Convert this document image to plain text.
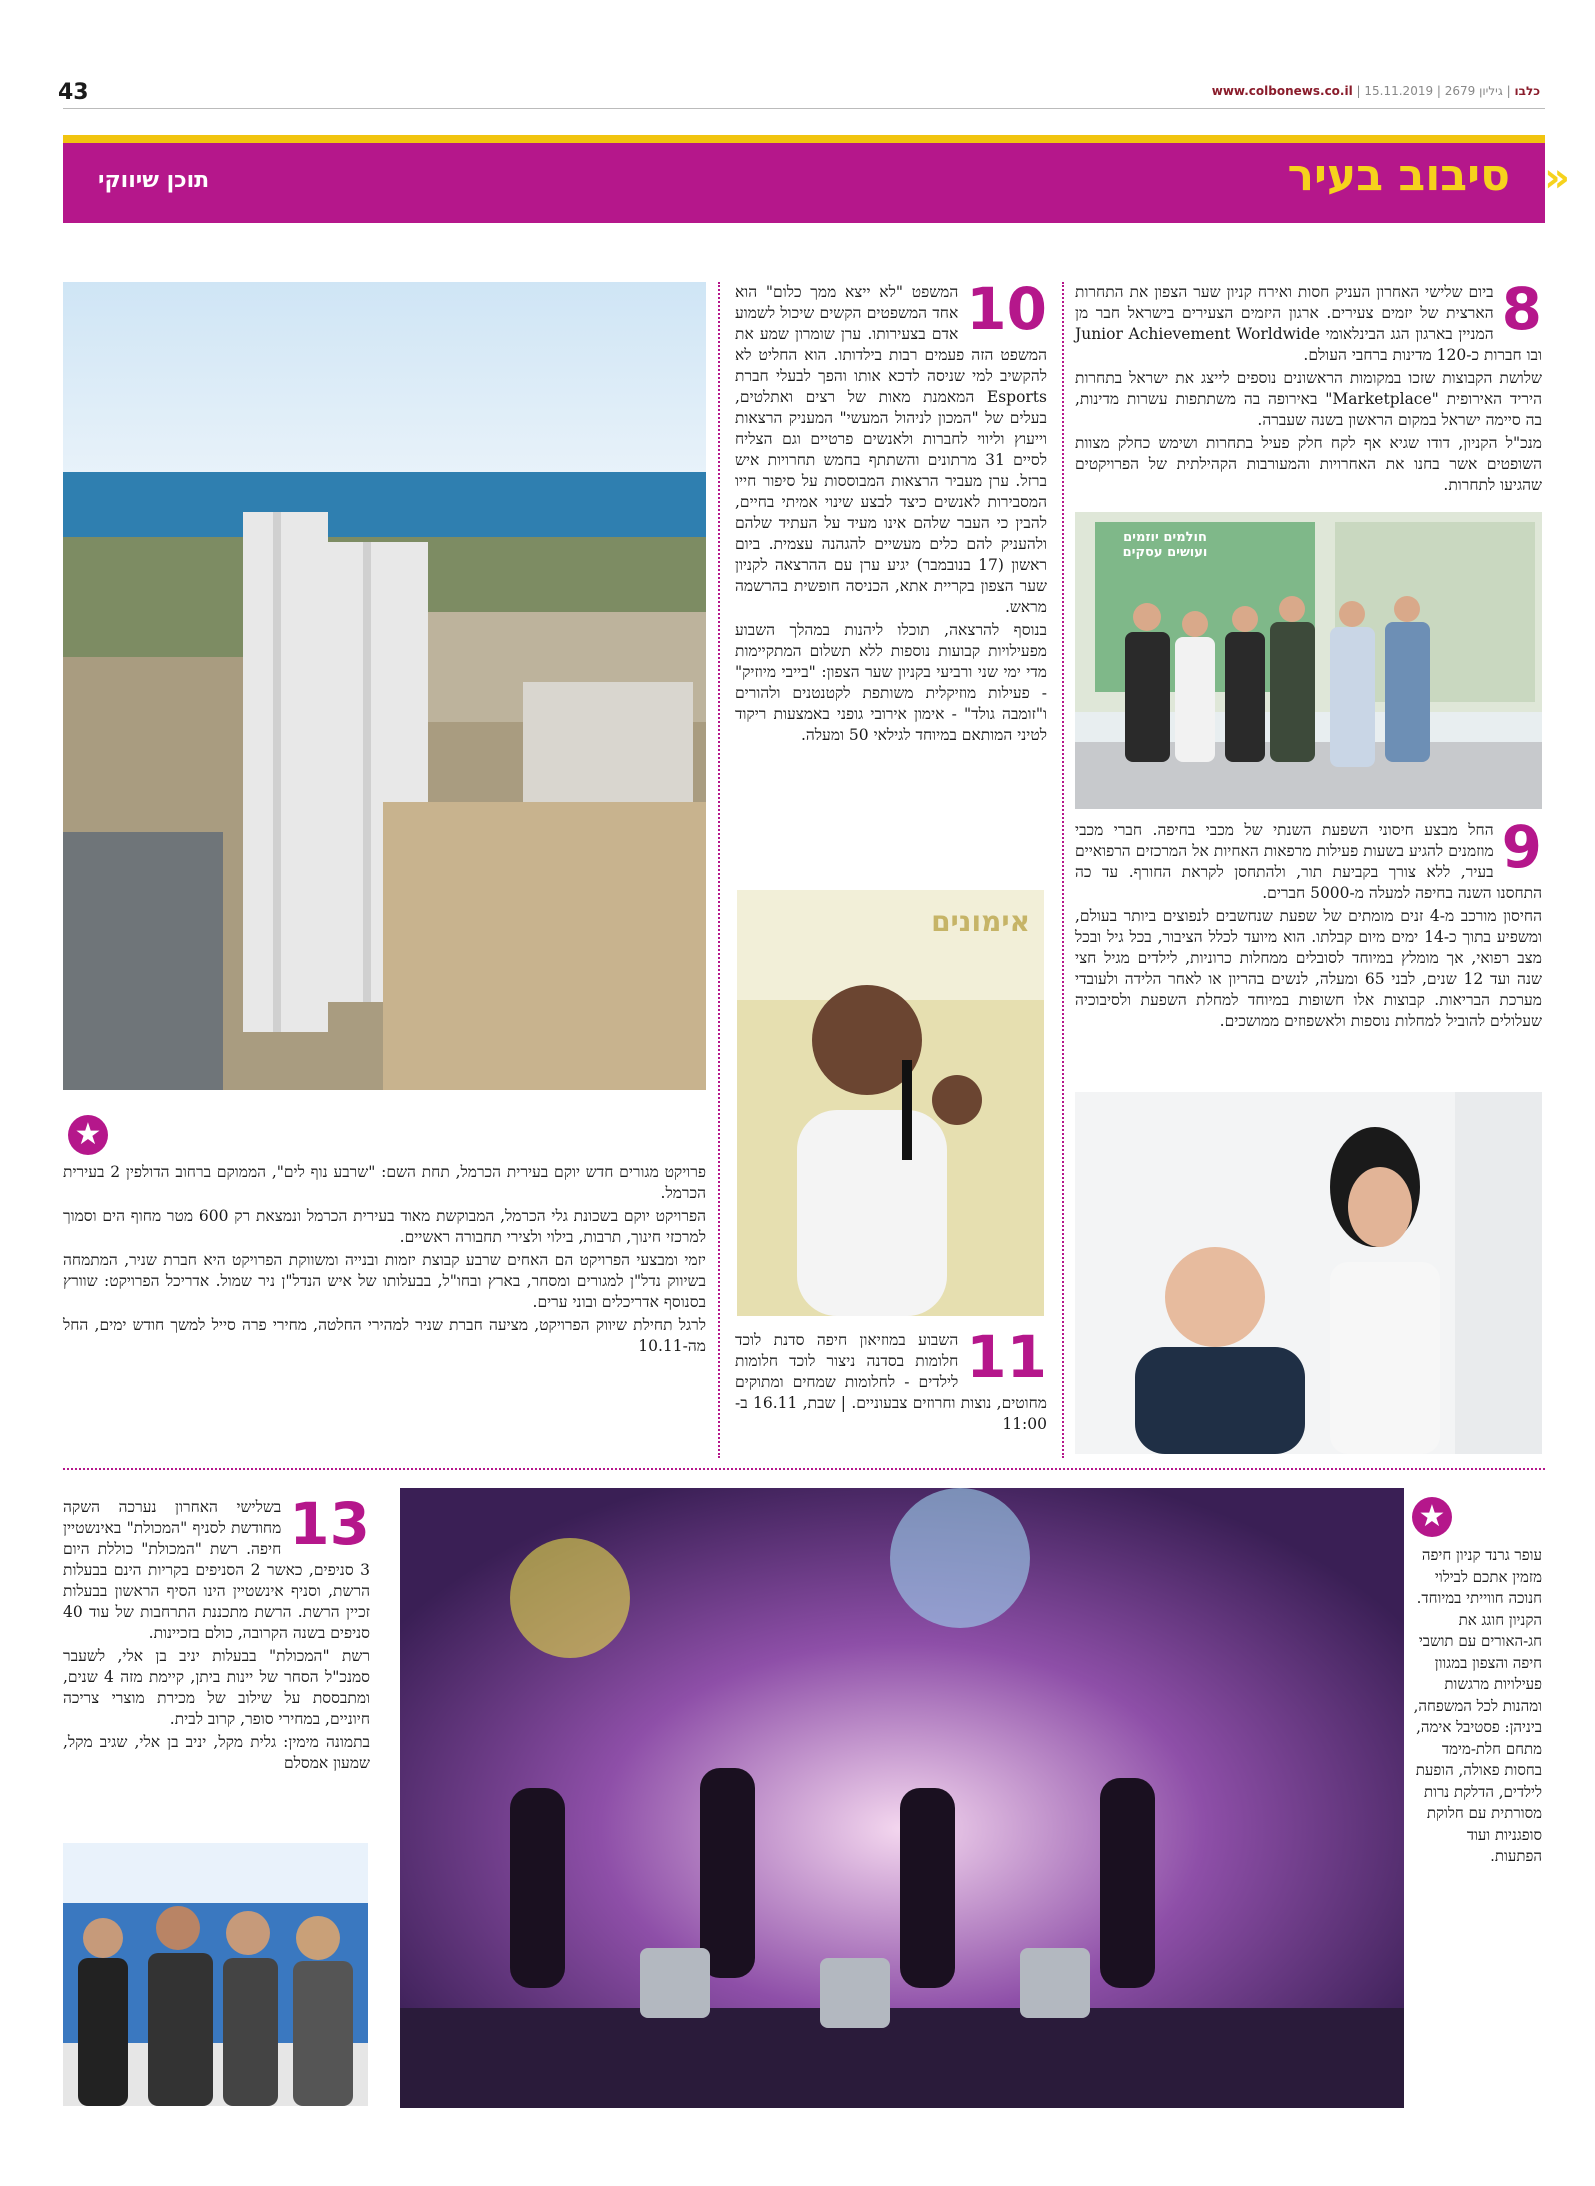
43	www.colbonews.co.il |	כלבו | גיליון 2679 | 15.11.2019
סיבוב בעיר »
תוכן שיווקי
8

ביום שלישי האחרון העניק חסות ואירח קניון שער הצפון את התחרות הארצית של יזמים צעירים. ארגון היזמים הצעירים בישראל חבר מן המניין בארגון הגג הבינלאומי Junior Achievement Worldwide ובו חברות כ-120 מדינות ברחבי העולם.

שלושת הקבוצות שזכו במקומות הראשונים נוספים לייצג את ישראל בתחרות היריד האירופית "Marketplace" באירופה בה משתתפות עשרות מדינות, בה סיימה ישראל במקום הראשון בשנה שעברה.

מנכ"ל הקניון, דודו שגיא אף לקח חלק פעיל בתחרות ושימש כחלק מצוות השופטים אשר בחנו את האחרויות והמעורבות הקהילתית של הפרויקטים שהגיעו לתחרות.

חולמים יוזמים ועושים עסקים
9

החל מבצע חיסוני השפעת השנתי של מכבי בחיפה. חברי מכבי מוזמנים להגיע בשעות פעילות מרפאות האחיות אל המרכזים הרפואיים בעיר, ללא צורך בקביעת תור, ולהתחסן לקראת החורף. עד כה התחסנו השנה בחיפה למעלה מ-5000 חברים.

החיסון מורכב מ-4 זנים מומתים של שפעת שנחשבים לנפוצים ביותר בעולם, ומשפיע בתוך כ-14 ימים מיום קבלתו. הוא מיועד לכלל הציבור, בכל גיל ובכל מצב רפואי, אך מומלץ במיוחד לסובלים ממחלות כרוניות, לילדים מגיל חצי שנה ועד 12 שנים, לבני 65 ומעלה, לנשים בהריון או לאחר הלידה ולעובדי מערכת הבריאות. קבוצות אלו חשופות במיוחד למחלת השפעת ולסיבוכיה שעלולים להוביל למחלות נוספות ולאשפוזים ממושכים.

10

המשפט "לא ייצא ממך כלום" הוא אחד המשפטים הקשים שיכול לשמוע אדם בצעירותו. ערן שומרון שמע את המשפט הזה פעמים רבות בילדותו. הוא החליט לא להקשיב למי שניסה לדכא אותו והפך לבעלי חברת Esports המאמנת מאות של רצים ואתלטים, בעלים של "המכון לניהול המעשי" המעניק הרצאות וייעוץ וליווי לחברות ולאנשים פרטיים וגם הצליח לסיים 31 מרתונים והשתתף בחמש תחרויות איש ברזל. ערן מעביר הרצאות המבוססות על סיפור חייו המסבירות לאנשים כיצד לבצע שינוי אמיתי בחיים, להבין כי העבר שלהם אינו מעיד על העתיד שלהם ולהעניק להם כלים מעשיים להגהנה עצמית. ביום ראשון (17 בנובמבר) יגיע ערן עם ההרצאה לקניון שער הצפון בקריית אתא, הכניסה חופשית בהרשמה מראש.

בנוסף להרצאה, תוכלו ליהנות במהלך השבוע מפעילויות קבועות נוספות ללא תשלום המתקיימות מדי ימי שני ורביעי בקניון שער הצפון: "בייבי מיוזיק" - פעילות מוזיקלית משותפת לקטנטנים ולהורים ו"זומבה גולד" - אימון אירובי גופני באמצעות ריקוד לטיני המותאם במיוחד לגילאי 50 ומעלה.

אימונים
11

השבוע במוזיאון חיפה סדנת לוכד חלומות בסדנה ניצור לוכד חלומות לילדים - לחלומות שמחים ומתוקים מחוטים, נוצות וחרוזים צבעוניים. | שבת, 16.11 ב- 11:00

★

פרויקט מגורים חדש יוקם בעירית הכרמל, תחת השם: "שרבע נוף לים", הממוקם ברחוב הדולפין 2 בעירית הכרמל.

הפרויקט יוקם בשכונת גלי הכרמל, המבוקשת מאוד בעירית הכרמל ונמצאת רק 600 מטר מחוף הים וסמוך למרכזי חינוך, תרבות, בילוי ולצירי תחבורה ראשיים.

יזמי ומבצעי הפרויקט הם האחים שרבע קבוצת יזמות ובנייה ומשווקת הפרויקט היא חברת שניר, המתמחה בשיווק נדל"ן למגורים ומסחר, בארץ ובחו"ל, בבעלותו של איש הנדל"ן ניר שמול. אדריכל הפרויקט: שוורץ בסנוסף אדריכלים ובוני ערים.

לרגל תחילת שיווק הפרויקט, מציעה חברת שניר למהירי החלטה, מחירי פרה סייל למשך חודש ימים, החל מה-10.11

13

בשלישי האחרון נערכה השקה מחודשת לסניף "המכולת" באינשטיין חיפה. רשת "המכולת" כוללת היום 3 סניפים, כאשר 2 הסניפים בקריות הינם בבעלות הרשת, וסניף אינשטיין הינו הסיף הראשון בבעלות זכיין הרשת. הרשת מתכננת התרחבות של עוד 40 סניפים בשנה הקרובה, כולם בזכיינות.

רשת "המכולת" בבעלות יניב בן אלי, לשעבר סמנכ"ל הסחר של יינות ביתן, קיימת מזה 4 שנים, ומתבססת על שילוב של מכירת מוצרי צריכה חיוניים, במחירי סופר, קרוב לבית.

בתמונה מימין: גלית מקל, יניב בן אלי, שגיב מקל, שמעון אמסלם

★
עופר גרנד קניון חיפה מזמין אתכם לבילוי חנוכה חווייתי במיוחד. הקניון חוגג את חג-האורים עם תושבי חיפה והצפון במגוון פעילויות מרגשות ומהנות לכל המשפחה, ביניהן: פסטיבל אימה, מתחם חלת-מימד בחסות פאולה, הופעת לילדים, הדלקת נרות מסורתית עם חלוקת סופגניות ועוד הפתעות.
